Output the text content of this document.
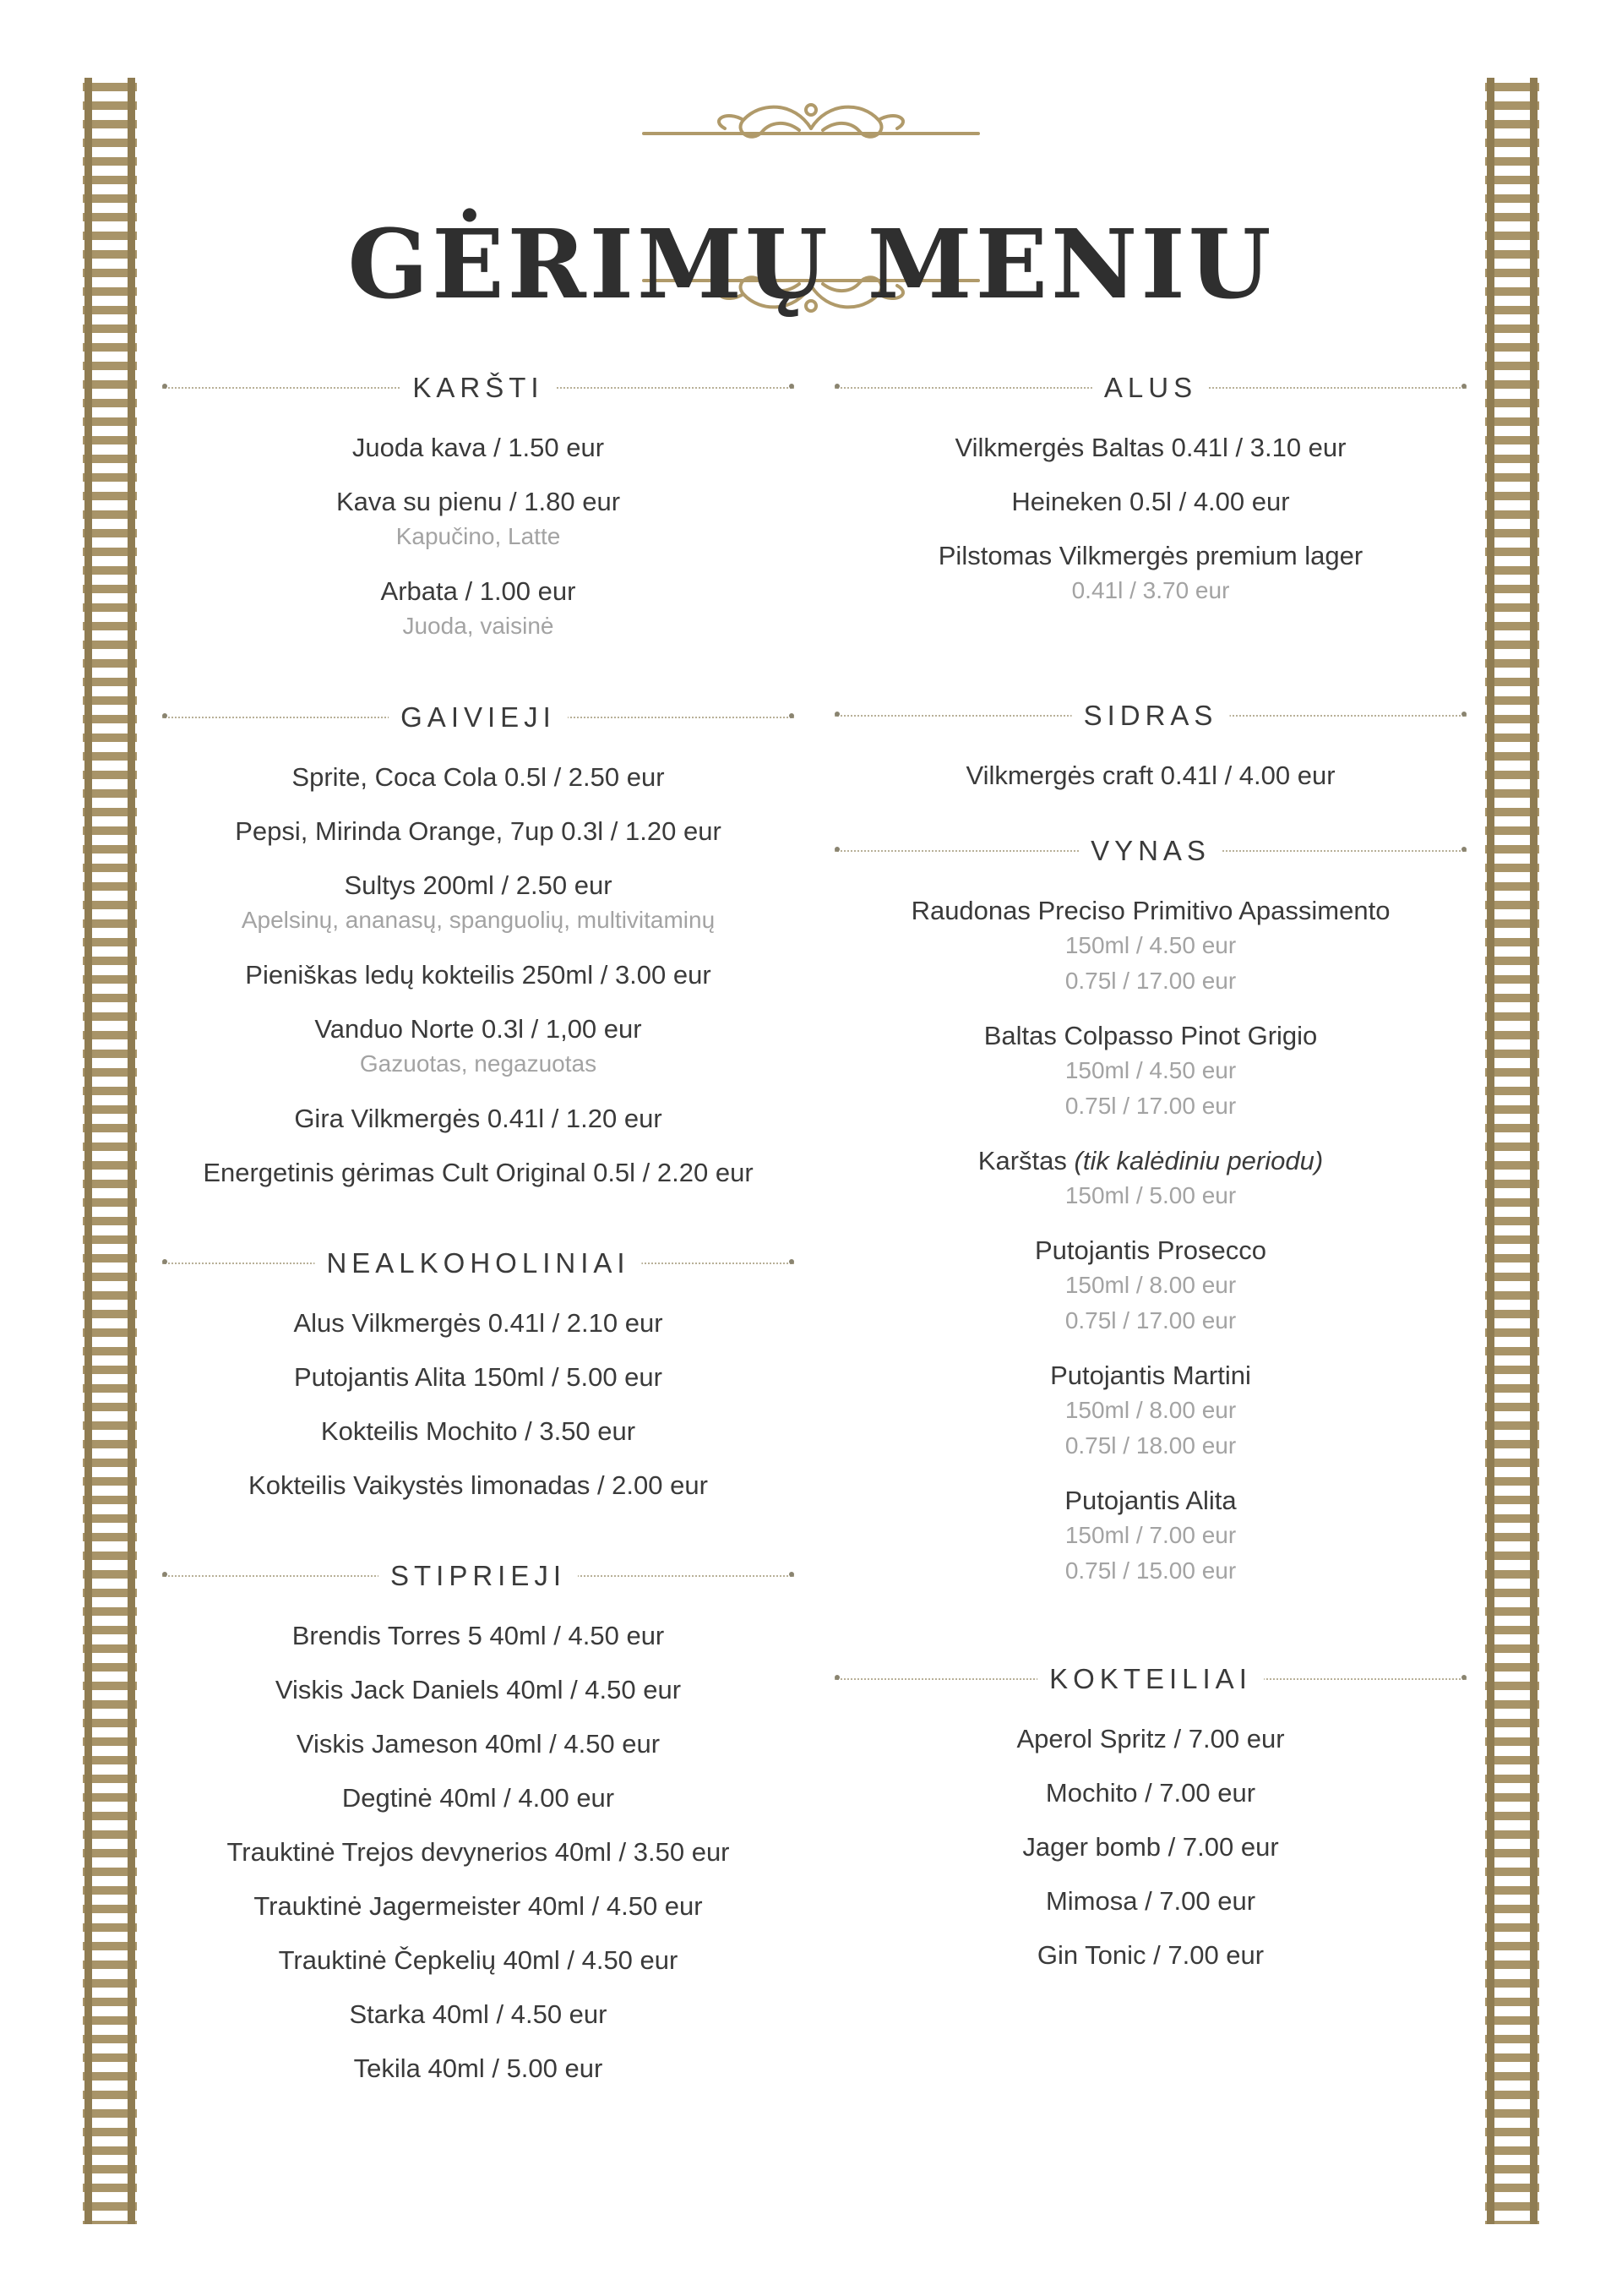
GĖRIMŲ MENIU
KARŠTI
Juoda kava / 1.50 eur
Kava su pienu / 1.80 eur
Kapučino, Latte
Arbata / 1.00 eur
Juoda, vaisinė
GAIVIEJI
Sprite, Coca Cola 0.5l / 2.50 eur
Pepsi, Mirinda Orange, 7up 0.3l / 1.20 eur
Sultys 200ml / 2.50 eur
Apelsinų, ananasų, spanguolių, multivitaminų
Pieniškas ledų kokteilis 250ml / 3.00 eur
Vanduo Norte 0.3l / 1,00 eur
Gazuotas, negazuotas
Gira Vilkmergės 0.41l / 1.20 eur
Energetinis gėrimas Cult Original 0.5l / 2.20 eur
NEALKOHOLINIAI
Alus Vilkmergės 0.41l / 2.10 eur
Putojantis Alita 150ml / 5.00 eur
Kokteilis Mochito / 3.50 eur
Kokteilis Vaikystės limonadas / 2.00 eur
STIPRIEJI
Brendis Torres 5 40ml / 4.50 eur
Viskis Jack Daniels 40ml / 4.50 eur
Viskis Jameson 40ml / 4.50 eur
Degtinė 40ml / 4.00 eur
Trauktinė Trejos devynerios 40ml / 3.50 eur
Trauktinė Jagermeister 40ml / 4.50 eur
Trauktinė Čepkelių 40ml / 4.50 eur
Starka 40ml / 4.50 eur
Tekila 40ml / 5.00 eur
ALUS
Vilkmergės Baltas 0.41l / 3.10 eur
Heineken 0.5l / 4.00 eur
Pilstomas Vilkmergės premium lager
0.41l / 3.70 eur
SIDRAS
Vilkmergės craft 0.41l / 4.00 eur
VYNAS
Raudonas Preciso Primitivo Apassimento
150ml / 4.50 eur
0.75l / 17.00 eur
Baltas Colpasso Pinot Grigio
150ml / 4.50 eur
0.75l / 17.00 eur
Karštas (tik kalėdiniu periodu)
150ml / 5.00 eur
Putojantis Prosecco
150ml / 8.00 eur
0.75l / 17.00 eur
Putojantis Martini
150ml / 8.00 eur
0.75l / 18.00 eur
Putojantis Alita
150ml / 7.00 eur
0.75l / 15.00 eur
KOKTEILIAI
Aperol Spritz / 7.00 eur
Mochito / 7.00 eur
Jager bomb / 7.00 eur
Mimosa / 7.00 eur
Gin Tonic / 7.00 eur
